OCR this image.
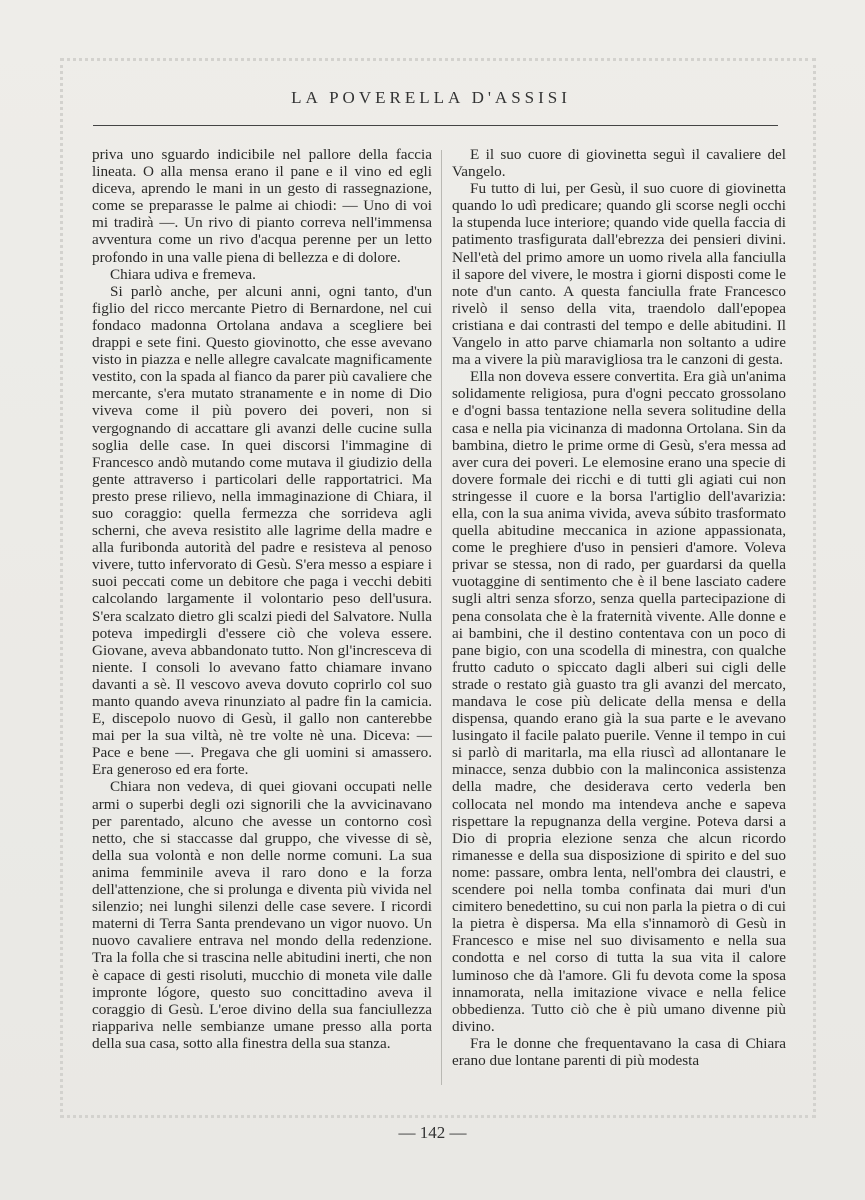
LA POVERELLA D'ASSISI

priva uno sguardo indicibile nel pallore della faccia lineata. O alla mensa erano il pane e il vino ed egli diceva, aprendo le mani in un gesto di rassegnazione, come se preparasse le palme ai chiodi: — Uno di voi mi tradirà —. Un rivo di pianto correva nell'immensa avventura come un rivo d'acqua perenne per un letto profondo in una valle piena di bellezza e di dolore.

Chiara udiva e fremeva.

Si parlò anche, per alcuni anni, ogni tanto, d'un figlio del ricco mercante Pietro di Bernardone, nel cui fondaco madonna Ortolana andava a scegliere bei drappi e sete fini. Questo giovinotto, che esse avevano visto in piazza e nelle allegre cavalcate magnificamente vestito, con la spada al fianco da parer più cavaliere che mercante, s'era mutato stranamente e in nome di Dio viveva come il più povero dei poveri, non si vergognando di accattare gli avanzi delle cucine sulla soglia delle case. In quei discorsi l'immagine di Francesco andò mutando come mutava il giudizio della gente attraverso i particolari delle rapportatrici. Ma presto prese rilievo, nella immaginazione di Chiara, il suo coraggio: quella fermezza che sorrideva agli scherni, che aveva resistito alle lagrime della madre e alla furibonda autorità del padre e resisteva al penoso vivere, tutto infervorato di Gesù. S'era messo a espiare i suoi peccati come un debitore che paga i vecchi debiti calcolando largamente il volontario peso dell'usura. S'era scalzato dietro gli scalzi piedi del Salvatore. Nulla poteva impedirgli d'essere ciò che voleva essere. Giovane, aveva abbandonato tutto. Non gl'incresceva di niente. I consoli lo avevano fatto chiamare invano davanti a sè. Il vescovo aveva dovuto coprirlo col suo manto quando aveva rinunziato al padre fin la camicia. E, discepolo nuovo di Gesù, il gallo non canterebbe mai per la sua viltà, nè tre volte nè una. Diceva: — Pace e bene —. Pregava che gli uomini si amassero. Era generoso ed era forte.

Chiara non vedeva, di quei giovani occupati nelle armi o superbi degli ozi signorili che la avvicinavano per parentado, alcuno che avesse un contorno così netto, che si staccasse dal gruppo, che vivesse di sè, della sua volontà e non delle norme comuni. La sua anima femminile aveva il raro dono e la forza dell'attenzione, che si prolunga e diventa più vivida nel silenzio; nei lunghi silenzi delle case severe. I ricordi materni di Terra Santa prendevano un vigor nuovo. Un nuovo cavaliere entrava nel mondo della redenzione. Tra la folla che si trascina nelle abitudini inerti, che non è capace di gesti risoluti, mucchio di moneta vile dalle impronte lógore, questo suo concittadino aveva il coraggio di Gesù. L'eroe divino della sua fanciullezza riappariva nelle sembianze umane presso alla porta della sua casa, sotto alla finestra della sua stanza.

E il suo cuore di giovinetta seguì il cavaliere del Vangelo.

Fu tutto di lui, per Gesù, il suo cuore di giovinetta quando lo udì predicare; quando gli scorse negli occhi la stupenda luce interiore; quando vide quella faccia di patimento trasfigurata dall'ebrezza dei pensieri divini. Nell'età del primo amore un uomo rivela alla fanciulla il sapore del vivere, le mostra i giorni disposti come le note d'un canto. A questa fanciulla frate Francesco rivelò il senso della vita, traendolo dall'epopea cristiana e dai contrasti del tempo e delle abitudini. Il Vangelo in atto parve chiamarla non soltanto a udire ma a vivere la più maravigliosa tra le canzoni di gesta.

Ella non doveva essere convertita. Era già un'anima solidamente religiosa, pura d'ogni peccato grossolano e d'ogni bassa tentazione nella severa solitudine della casa e nella pia vicinanza di madonna Ortolana. Sin da bambina, dietro le prime orme di Gesù, s'era messa ad aver cura dei poveri. Le elemosine erano una specie di dovere formale dei ricchi e di tutti gli agiati cui non stringesse il cuore e la borsa l'artiglio dell'avarizia: ella, con la sua anima vivida, aveva súbito trasformato quella abitudine meccanica in azione appassionata, come le preghiere d'uso in pensieri d'amore. Voleva privar se stessa, non di rado, per guardarsi da quella vuotaggine di sentimento che è il bene lasciato cadere sugli altri senza sforzo, senza quella partecipazione di pena consolata che è la fraternità vivente. Alle donne e ai bambini, che il destino contentava con un poco di pane bigio, con una scodella di minestra, con qualche frutto caduto o spiccato dagli alberi sui cigli delle strade o restato già guasto tra gli avanzi del mercato, mandava le cose più delicate della mensa e della dispensa, quando erano già la sua parte e le avevano lusingato il facile palato puerile. Venne il tempo in cui si parlò di maritarla, ma ella riuscì ad allontanare le minacce, senza dubbio con la malinconica assistenza della madre, che desiderava certo vederla ben collocata nel mondo ma intendeva anche e sapeva rispettare la repugnanza della vergine. Poteva darsi a Dio di propria elezione senza che alcun ricordo rimanesse e della sua disposizione di spirito e del suo nome: passare, ombra lenta, nell'ombra dei claustri, e scendere poi nella tomba confinata dai muri d'un cimitero benedettino, su cui non parla la pietra o di cui la pietra è dispersa. Ma ella s'innamorò di Gesù in Francesco e mise nel suo divisamento e nella sua condotta e nel corso di tutta la sua vita il calore luminoso che dà l'amore. Gli fu devota come la sposa innamorata, nella imitazione vivace e nella felice obbedienza. Tutto ciò che è più umano divenne più divino.

Fra le donne che frequentavano la casa di Chiara erano due lontane parenti di più modesta

— 142 —
